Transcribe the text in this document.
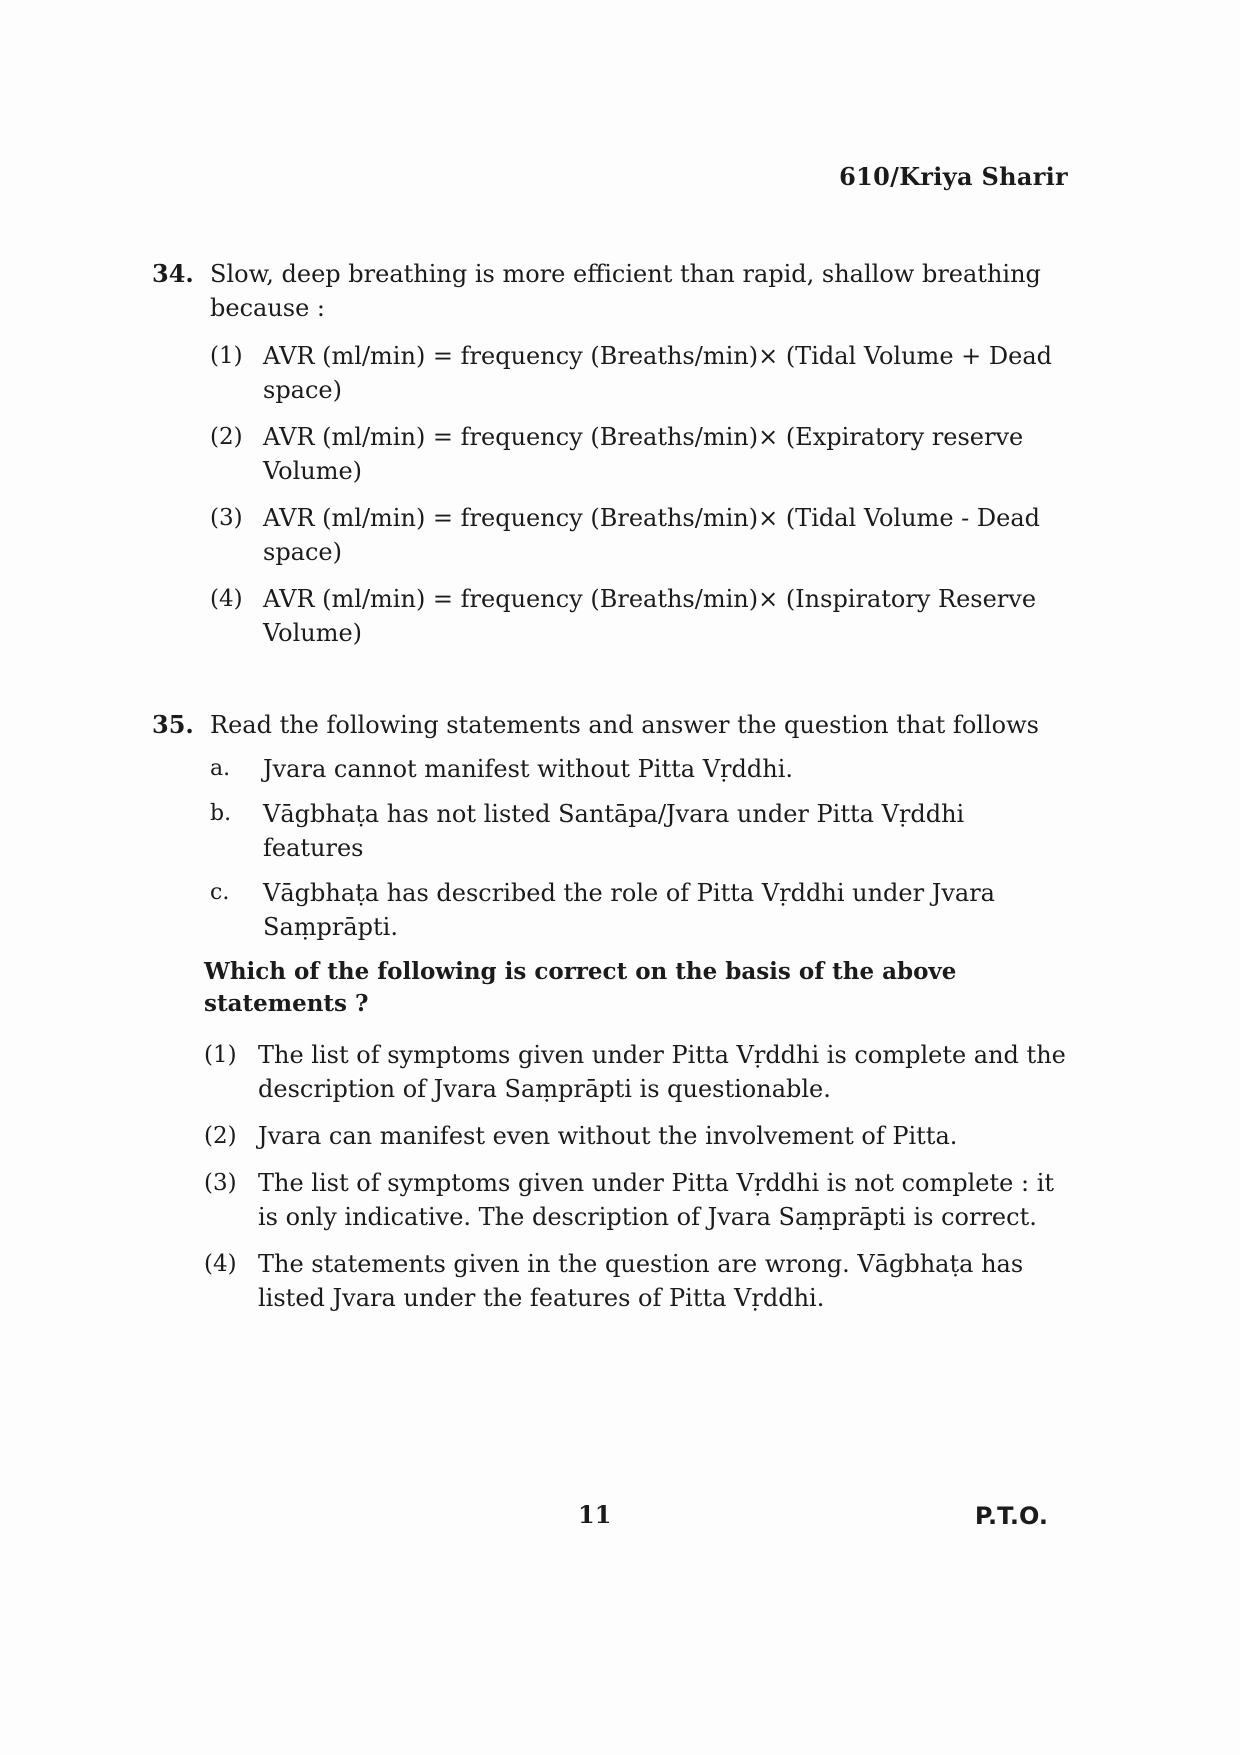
610/Kriya Sharir
34. Slow, deep breathing is more efficient than rapid, shallow breathing because :
(1) AVR (ml/min) = frequency (Breaths/min)× (Tidal Volume + Dead space)
(2) AVR (ml/min) = frequency (Breaths/min)× (Expiratory reserve Volume)
(3) AVR (ml/min) = frequency (Breaths/min)× (Tidal Volume - Dead space)
(4) AVR (ml/min) = frequency (Breaths/min)× (Inspiratory Reserve Volume)
35. Read the following statements and answer the question that follows
a.	Jvara cannot manifest without Pitta Vṛddhi.
b.	Vāgbhaṭa has not listed Santāpa/Jvara under Pitta Vṛddhi features
c.	Vāgbhaṭa has described the role of Pitta Vṛddhi under Jvara Saṃprāpti.
Which of the following is correct on the basis of the above statements ?
(1) The list of symptoms given under Pitta Vṛddhi is complete and the description of Jvara Saṃprāpti is questionable.
(2) Jvara can manifest even without the involvement of Pitta.
(3) The list of symptoms given under Pitta Vṛddhi is not complete : it is only indicative. The description of Jvara Saṃprāpti is correct.
(4) The statements given in the question are wrong. Vāgbhaṭa has listed Jvara under the features of Pitta Vṛddhi.
11	P.T.O.
